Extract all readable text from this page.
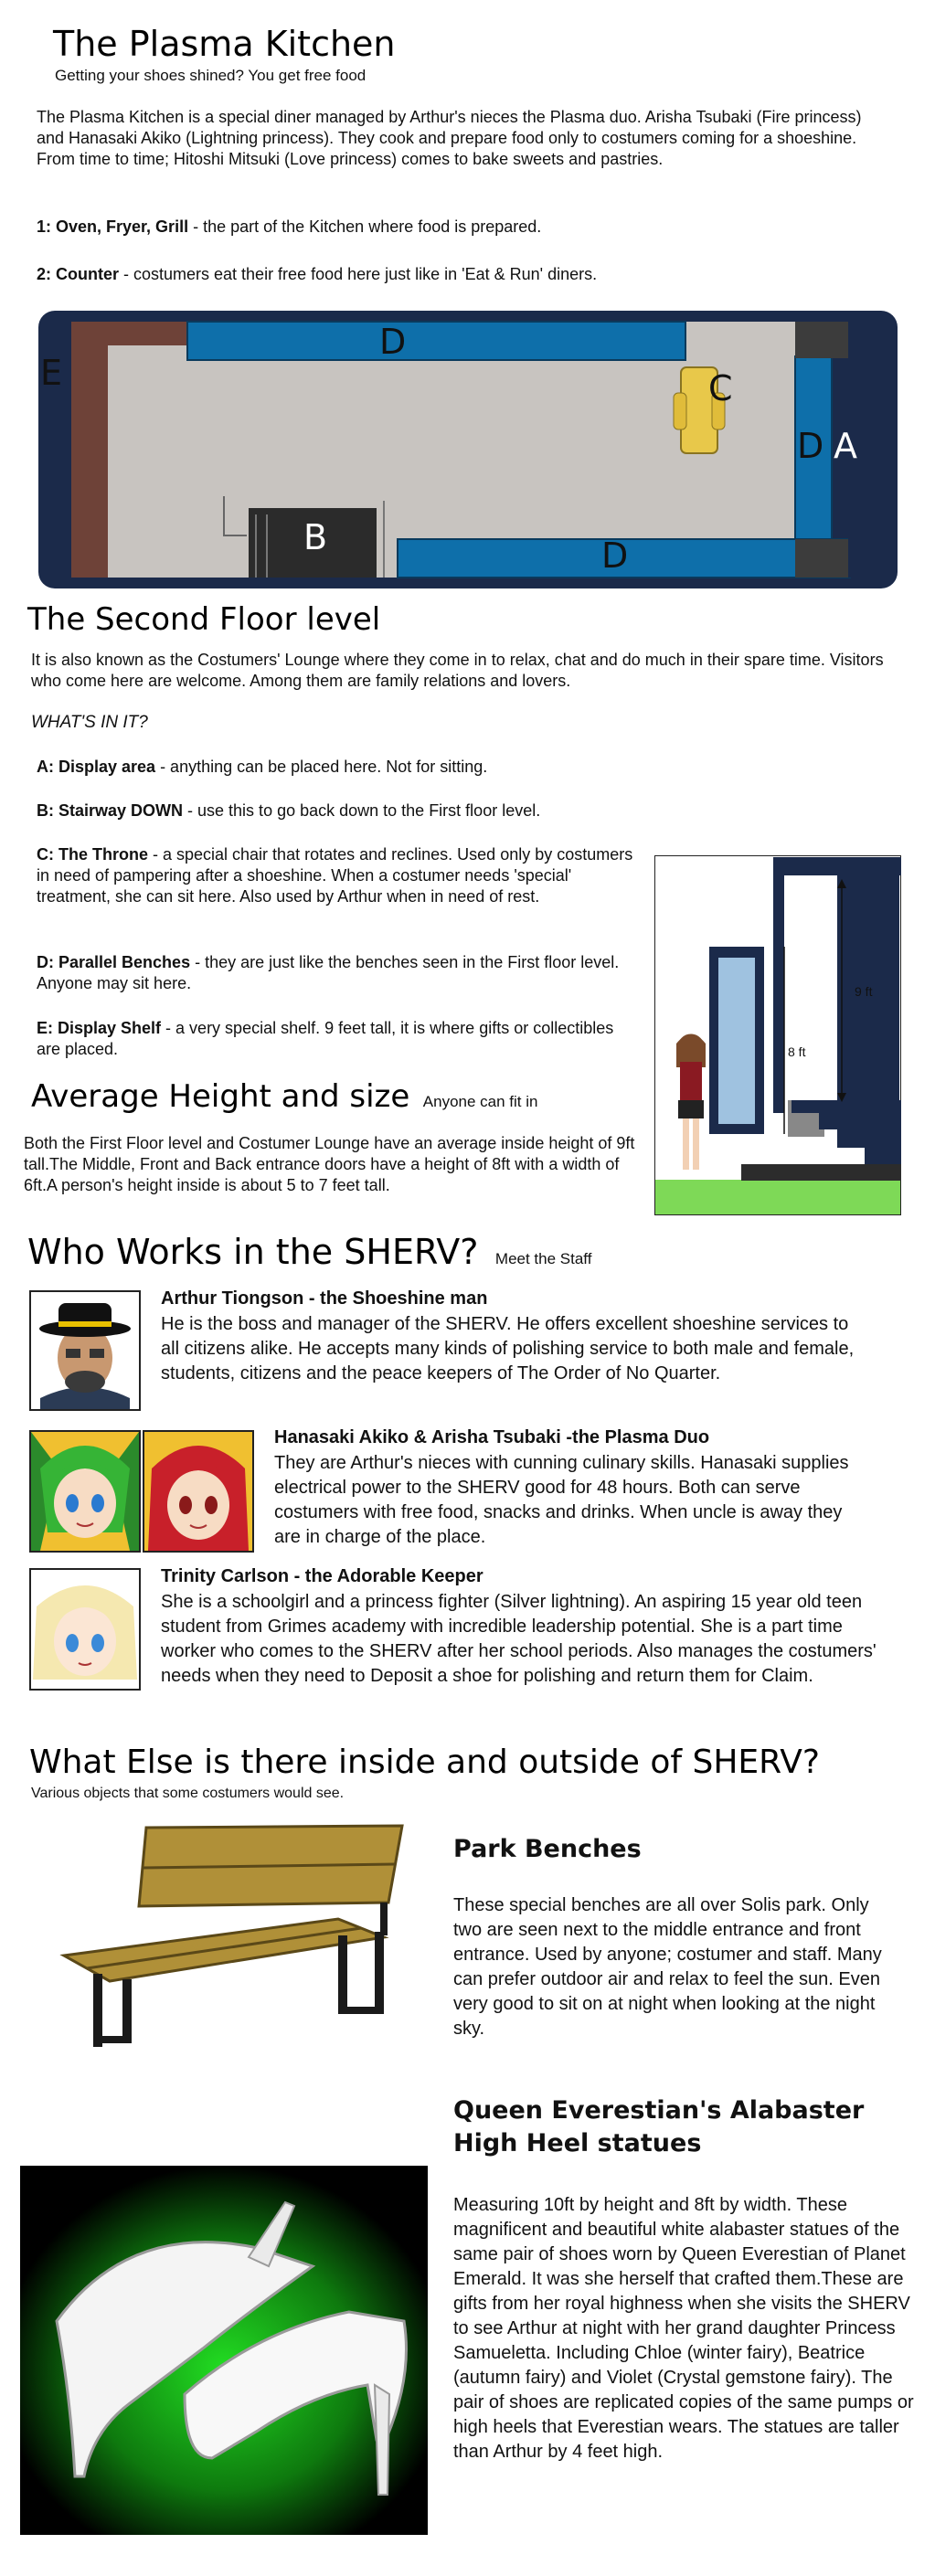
The Plasma Kitchen
Getting your shoes shined? You get free food
The Plasma Kitchen is a special diner managed by Arthur's nieces the Plasma duo. Arisha Tsubaki (Fire princess) and Hanasaki Akiko (Lightning princess). They cook and prepare food only to costumers coming for a shoeshine. From time to time; Hitoshi Mitsuki (Love princess) comes to bake sweets and pastries.
1: Oven, Fryer, Grill - the part of the Kitchen where food is prepared.
2: Counter - costumers eat their free food here just like in 'Eat & Run' diners.
D
E	C
D A
B	D
The Second Floor level
It is also known as the Costumers' Lounge where they come in to relax, chat and do much in their spare time. Visitors who come here are welcome. Among them are family relations and lovers.
WHAT'S IN IT?
A: Display area - anything can be placed here. Not for sitting.
B: Stairway DOWN - use this to go back down to the First floor level.
C: The Throne - a special chair that rotates and reclines. Used only by costumers in need of pampering after a shoeshine. When a costumer needs 'special' treatment, she can sit here. Also used by Arthur when in need of rest.
D: Parallel Benches - they are just like the benches seen in the First floor level. Anyone may sit here.
E: Display Shelf - a very special shelf. 9 feet tall, it is where gifts or collectibles are placed.
9 ft
8 ft
Average Height and size Anyone can fit in
Both the First Floor level and Costumer Lounge have an average inside height of 9ft tall.The Middle, Front and Back entrance doors have a height of 8ft with a width of 6ft.A person's height inside is about 5 to 7 feet tall.
Who Works in the SHERV? Meet the Staff
Arthur Tiongson - the Shoeshine man
He is the boss and manager of the SHERV. He offers excellent shoeshine services to all citizens alike. He accepts many kinds of polishing service to both male and female, students, citizens and the peace keepers of The Order of No Quarter.
Hanasaki Akiko & Arisha Tsubaki -the Plasma Duo
They are Arthur's nieces with cunning culinary skills. Hanasaki supplies electrical power to the SHERV good for 48 hours. Both can serve costumers with free food, snacks and drinks. When uncle is away they are in charge of the place.
Trinity Carlson - the Adorable Keeper
She is a schoolgirl and a princess fighter (Silver lightning). An aspiring 15 year old teen student from Grimes academy with incredible leadership potential. She is a part time worker who comes to the SHERV after her school periods. Also manages the costumers' needs when they need to Deposit a shoe for polishing and return them for Claim.
What Else is there inside and outside of SHERV?
Various objects that some costumers would see.
Park Benches
These special benches are all over Solis park. Only two are seen next to the middle entrance and front entrance. Used by anyone; costumer and staff. Many can prefer outdoor air and relax to feel the sun. Even very good to sit on at night when looking at the night sky.
Queen Everestian's Alabaster
High Heel statues
Measuring 10ft by height and 8ft by width. These magnificent and beautiful white alabaster statues of the same pair of shoes worn by Queen Everestian of Planet Emerald. It was she herself that crafted them.These are gifts from her royal highness when she visits the SHERV to see Arthur at night with her grand daughter Princess Samueletta. Including Chloe (winter fairy), Beatrice (autumn fairy) and Violet (Crystal gemstone fairy). The pair of shoes are replicated copies of the same pumps or high heels that Everestian wears. The statues are taller than Arthur by 4 feet high.
